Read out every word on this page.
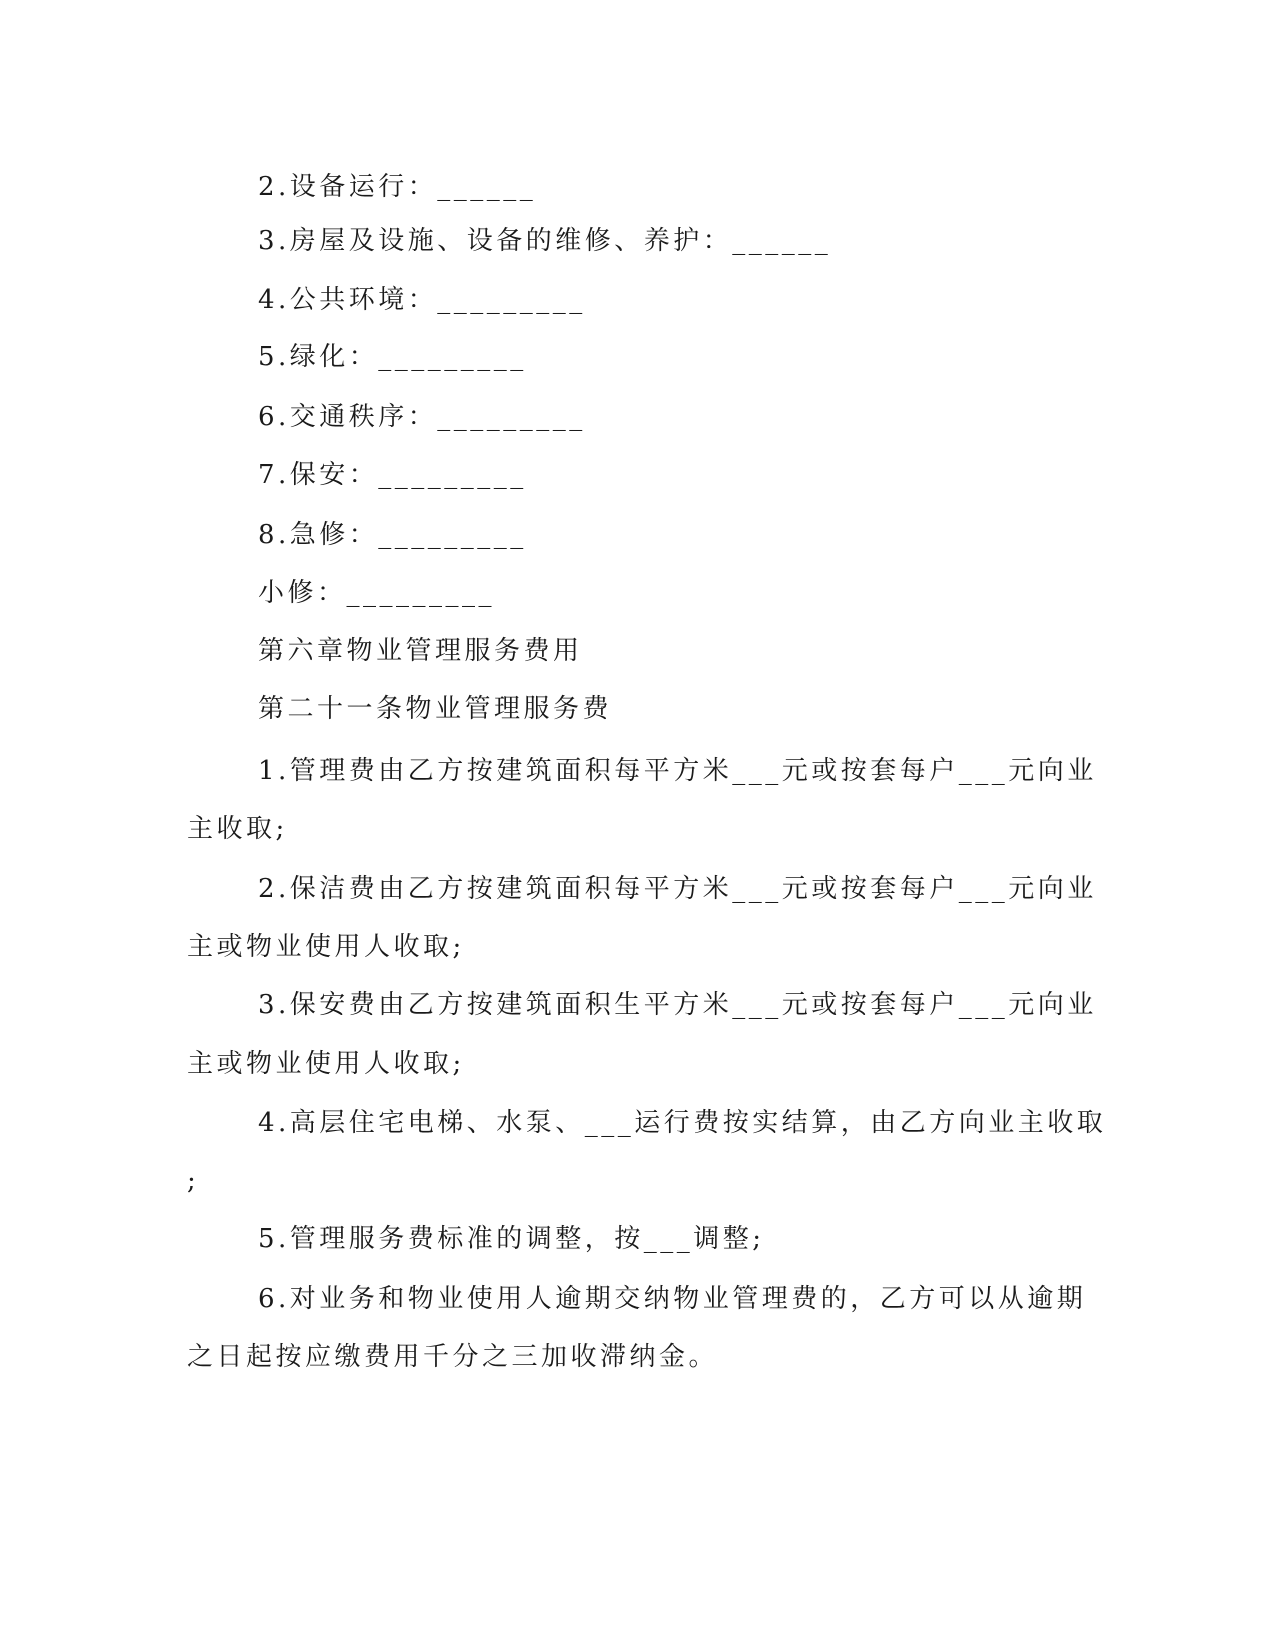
2.设备运行：______
3.房屋及设施、设备的维修、养护：______
4.公共环境：_________
5.绿化：_________
6.交通秩序：_________
7.保安：_________
8.急修：_________
小修：_________
第六章物业管理服务费用
第二十一条物业管理服务费
1.管理费由乙方按建筑面积每平方米___元或按套每户___元向业
主收取;
2.保洁费由乙方按建筑面积每平方米___元或按套每户___元向业
主或物业使用人收取;
3.保安费由乙方按建筑面积生平方米___元或按套每户___元向业
主或物业使用人收取;
4.高层住宅电梯、水泵、___运行费按实结算，由乙方向业主收取
;
5.管理服务费标准的调整，按___调整;
6.对业务和物业使用人逾期交纳物业管理费的，乙方可以从逾期
之日起按应缴费用千分之三加收滞纳金。
